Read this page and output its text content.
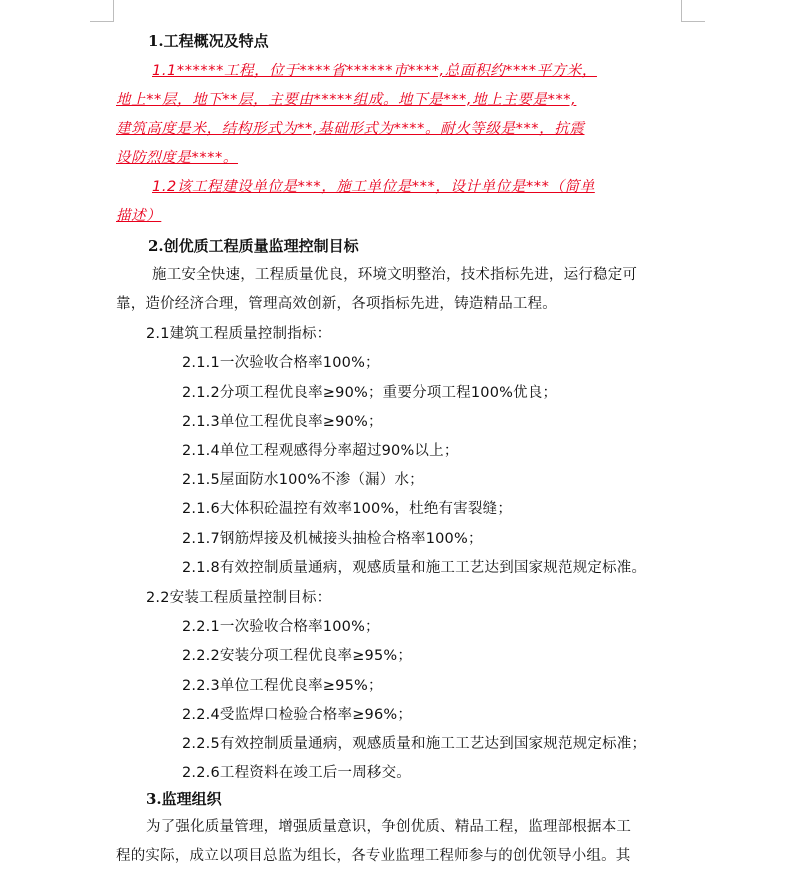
1.工程概况及特点
1.1******工程，位于****省******市****,总面积约****平方米，
地上**层，地下**层，主要由*****组成。地下是***,地上主要是***,
建筑高度是米，结构形式为**,基础形式为****。耐火等级是***，抗震
设防烈度是****。
1.2该工程建设单位是***，施工单位是***，设计单位是***（简单
描述）
2.创优质工程质量监理控制目标
施工安全快速，工程质量优良，环境文明整治，技术指标先进，运行稳定可
靠，造价经济合理，管理高效创新，各项指标先进，铸造精品工程。
2.1建筑工程质量控制指标：
2.1.1一次验收合格率100%；
2.1.2分项工程优良率≥90%；重要分项工程100%优良；
2.1.3单位工程优良率≥90%；
2.1.4单位工程观感得分率超过90%以上；
2.1.5屋面防水100%不渗（漏）水；
2.1.6大体积砼温控有效率100%，杜绝有害裂缝；
2.1.7钢筋焊接及机械接头抽检合格率100%；
2.1.8有效控制质量通病，观感质量和施工工艺达到国家规范规定标准。
2.2安装工程质量控制目标：
2.2.1一次验收合格率100%；
2.2.2安装分项工程优良率≥95%；
2.2.3单位工程优良率≥95%；
2.2.4受监焊口检验合格率≥96%；
2.2.5有效控制质量通病，观感质量和施工工艺达到国家规范规定标准；
2.2.6工程资料在竣工后一周移交。
3.监理组织
为了强化质量管理，增强质量意识，争创优质、精品工程，监理部根据本工
程的实际，成立以项目总监为组长，各专业监理工程师参与的创优领导小组。其
